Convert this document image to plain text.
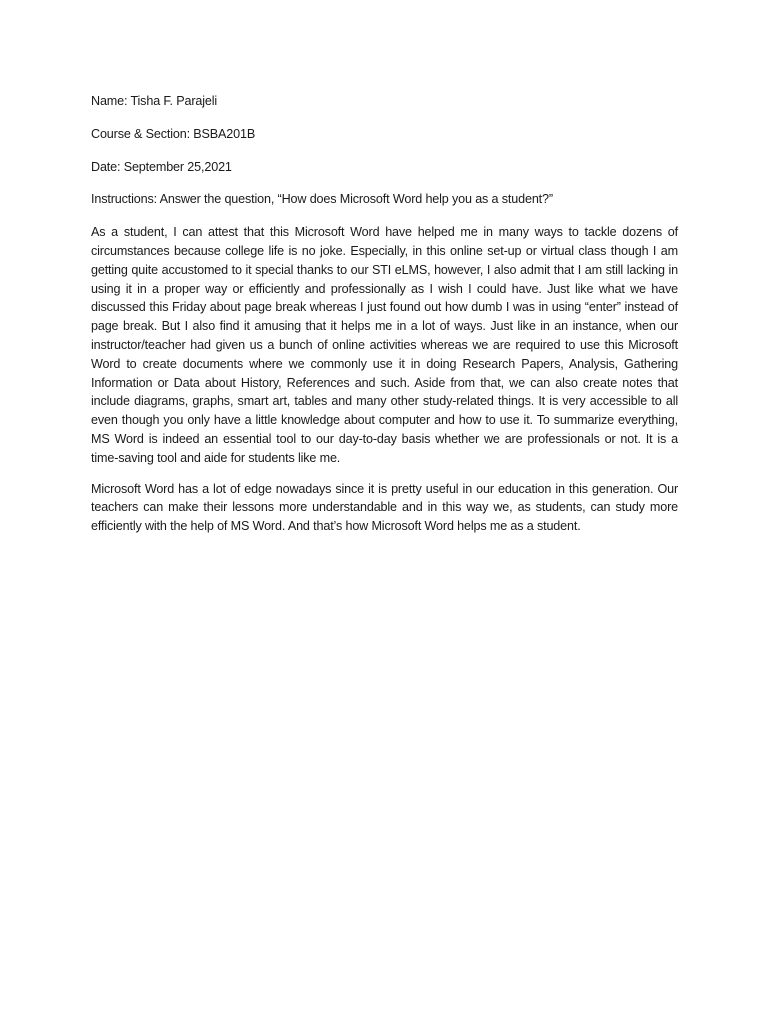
Name: Tisha F. Parajeli
Course & Section: BSBA201B
Date: September 25,2021
Instructions: Answer the question, “How does Microsoft Word help you as a student?”

As a student, I can attest that this Microsoft Word have helped me in many ways to tackle dozens of circumstances because college life is no joke. Especially, in this online set-up or virtual class though I am getting quite accustomed to it special thanks to our STI eLMS, however, I also admit that I am still lacking in using it in a proper way or efficiently and professionally as I wish I could have. Just like what we have discussed this Friday about page break whereas I just found out how dumb I was in using “enter” instead of page break. But I also find it amusing that it helps me in a lot of ways. Just like in an instance, when our instructor/teacher had given us a bunch of online activities whereas we are required to use this Microsoft Word to create documents where we commonly use it in doing Research Papers, Analysis, Gathering Information or Data about History, References and such. Aside from that, we can also create notes that include diagrams, graphs, smart art, tables and many other study-related things. It is very accessible to all even though you only have a little knowledge about computer and how to use it. To summarize everything, MS Word is indeed an essential tool to our day-to-day basis whether we are professionals or not. It is a time-saving tool and aide for students like me.

Microsoft Word has a lot of edge nowadays since it is pretty useful in our education in this generation. Our teachers can make their lessons more understandable and in this way we, as students, can study more efficiently with the help of MS Word. And that’s how Microsoft Word helps me as a student.
